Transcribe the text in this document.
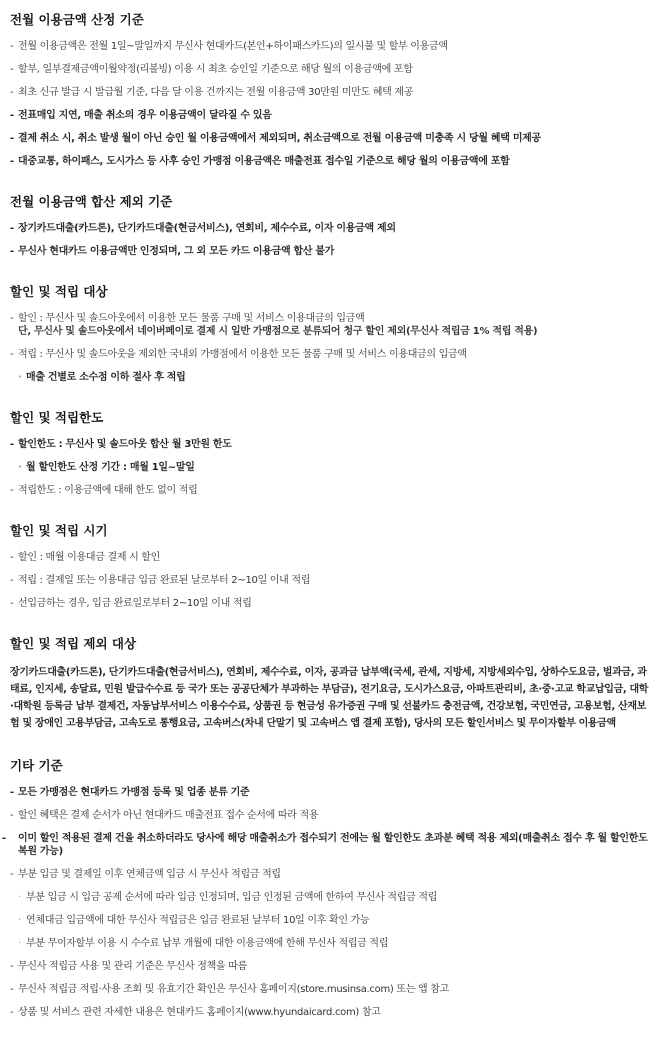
전월 이용금액 산정 기준
- 전월 이용금액은 전월 1일~말일까지 무신사 현대카드(본인+하이패스카드)의 일시불 및 할부 이용금액
- 할부, 일부결제금액이월약정(리볼빙) 이용 시 최초 승인일 기준으로 해당 월의 이용금액에 포함
- 최초 신규 발급 시 발급월 기준, 다음 달 이용 건까지는 전월 이용금액 30만원 미만도 혜택 제공
- 전표매입 지연, 매출 취소의 경우 이용금액이 달라질 수 있음
- 결제 취소 시, 취소 발생 월이 아닌 승인 월 이용금액에서 제외되며, 취소금액으로 전월 이용금액 미충족 시 당월 혜택 미제공
- 대중교통, 하이패스, 도시가스 등 사후 승인 가맹점 이용금액은 매출전표 접수일 기준으로 해당 월의 이용금액에 포함
전월 이용금액 합산 제외 기준
- 장기카드대출(카드론), 단기카드대출(현금서비스), 연회비, 제수수료, 이자 이용금액 제외
- 무신사 현대카드 이용금액만 인정되며, 그 외 모든 카드 이용금액 합산 불가
할인 및 적립 대상
- 할인 : 무신사 및 솔드아웃에서 이용한 모든 물품 구매 및 서비스 이용대금의 입금액
단, 무신사 및 솔드아웃에서 네이버페이로 결제 시 일반 가맹점으로 분류되어 청구 할인 제외(무신사 적립금 1% 적립 적용)
- 적립 : 무신사 및 솔드아웃을 제외한 국내외 가맹점에서 이용한 모든 물품 구매 및 서비스 이용대금의 입금액
· 매출 건별로 소수점 이하 절사 후 적립
할인 및 적립한도
- 할인한도 : 무신사 및 솔드아웃 합산 월 3만원 한도
· 월 할인한도 산정 기간 : 매월 1일~말일
- 적립한도 : 이용금액에 대해 한도 없이 적립
할인 및 적립 시기
- 할인 : 매월 이용대금 결제 시 할인
- 적립 : 결제일 또는 이용대금 입금 완료된 날로부터 2~10일 이내 적립
- 선입금하는 경우, 입금 완료일로부터 2~10일 이내 적립
할인 및 적립 제외 대상
장기카드대출(카드론), 단기카드대출(현금서비스), 연회비, 제수수료, 이자, 공과금 납부액(국세, 관세, 지방세, 지방세외수입, 상하수도요금, 벌과금, 과태료, 인지세, 송달료, 민원 발급수수료 등 국가 또는 공공단체가 부과하는 부담금), 전기요금, 도시가스요금, 아파트관리비, 초·중·고교 학교납입금, 대학·대학원 등록금 납부 결제건, 자동납부서비스 이용수수료, 상품권 등 현금성 유가증권 구매 및 선불카드 충전금액, 건강보험, 국민연금, 고용보험, 산재보험 및 장애인 고용부담금, 고속도로 통행요금, 고속버스(차내 단말기 및 고속버스 앱 결제 포함), 당사의 모든 할인서비스 및 무이자할부 이용금액
기타 기준
- 모든 가맹점은 현대카드 가맹점 등록 및 업종 분류 기준
- 할인 혜택은 결제 순서가 아닌 현대카드 매출전표 접수 순서에 따라 적용
- 이미 할인 적용된 결제 건을 취소하더라도 당사에 해당 매출취소가 접수되기 전에는 월 할인한도 초과분 혜택 적용 제외(매출취소 접수 후 월 할인한도 복원 가능)
- 부분 입금 및 결제일 이후 연체금액 입금 시 무신사 적립금 적립
· 부분 입금 시 입금 공제 순서에 따라 입금 인정되며, 입금 인정된 금액에 한하여 무신사 적립금 적립
· 연체대금 입금액에 대한 무신사 적립금은 입금 완료된 날부터 10일 이후 확인 가능
· 부분 무이자할부 이용 시 수수료 납부 개월에 대한 이용금액에 한해 무신사 적립금 적립
- 무신사 적립금 사용 및 관리 기준은 무신사 정책을 따름
- 무신사 적립금 적립·사용 조회 및 유효기간 확인은 무신사 홈페이지(store.musinsa.com) 또는 앱 참고
- 상품 및 서비스 관련 자세한 내용은 현대카드 홈페이지(www.hyundaicard.com) 참고
